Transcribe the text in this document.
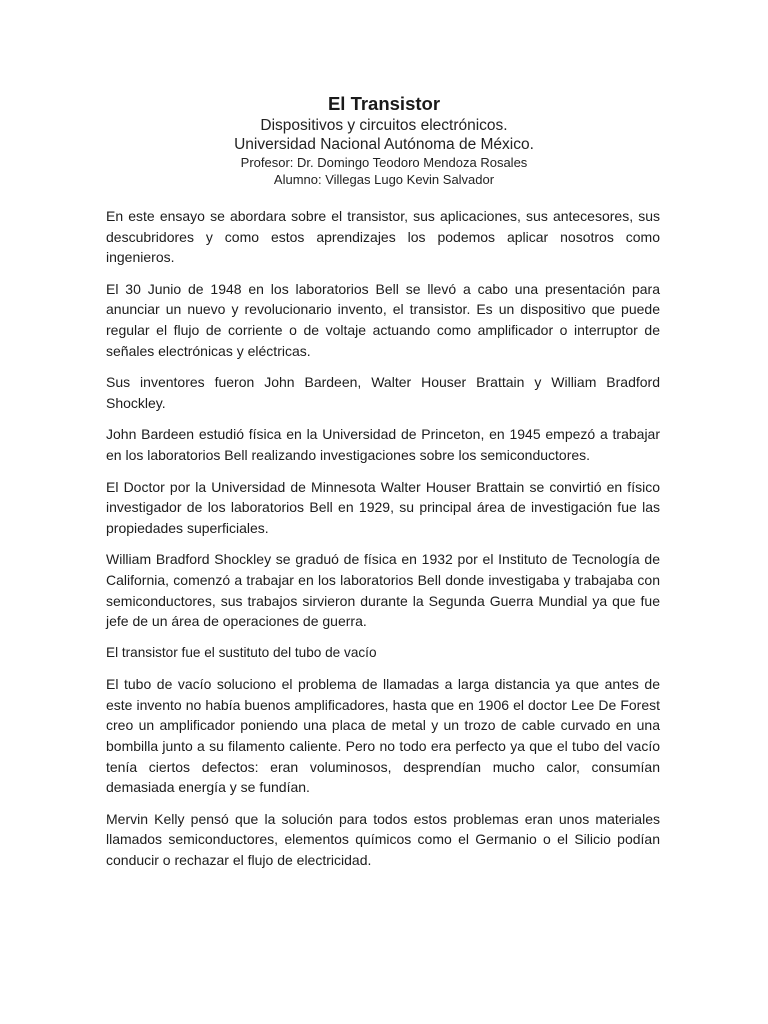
El Transistor

Dispositivos y circuitos electrónicos.

Universidad Nacional Autónoma de México.

Profesor: Dr. Domingo Teodoro Mendoza Rosales

Alumno: Villegas Lugo Kevin Salvador

En este ensayo se abordara sobre el transistor, sus aplicaciones, sus antecesores, sus descubridores y como estos aprendizajes los podemos aplicar nosotros como ingenieros.

El 30 Junio de 1948 en los laboratorios Bell se llevó a cabo una presentación para anunciar un nuevo y revolucionario invento, el transistor. Es un dispositivo que puede regular el flujo de corriente o de voltaje actuando como amplificador o interruptor de señales electrónicas y eléctricas.

Sus inventores fueron John Bardeen, Walter Houser Brattain y William Bradford Shockley.

John Bardeen estudió física en la Universidad de Princeton, en 1945 empezó a trabajar en los laboratorios Bell realizando investigaciones sobre los semiconductores.

El Doctor por la Universidad de Minnesota Walter Houser Brattain se convirtió en físico investigador de los laboratorios Bell en 1929, su principal área de investigación fue las propiedades superficiales.

William Bradford Shockley se graduó de física en 1932 por el Instituto de Tecnología de California, comenzó a trabajar en los laboratorios Bell donde investigaba y trabajaba con semiconductores, sus trabajos sirvieron durante la Segunda Guerra Mundial ya que fue jefe de un área de operaciones de guerra.

El transistor fue el sustituto del tubo de vacío

El tubo de vacío soluciono el problema de llamadas a larga distancia ya que antes de este invento no había buenos amplificadores, hasta que en 1906 el doctor Lee De Forest creo un amplificador poniendo una placa de metal y un trozo de cable curvado en una bombilla junto a su filamento caliente. Pero no todo era perfecto ya que el tubo del vacío tenía ciertos defectos: eran voluminosos, desprendían mucho calor, consumían demasiada energía y se fundían.

Mervin Kelly pensó que la solución para todos estos problemas eran unos materiales llamados semiconductores, elementos químicos como el Germanio o el Silicio podían conducir o rechazar el flujo de electricidad.
